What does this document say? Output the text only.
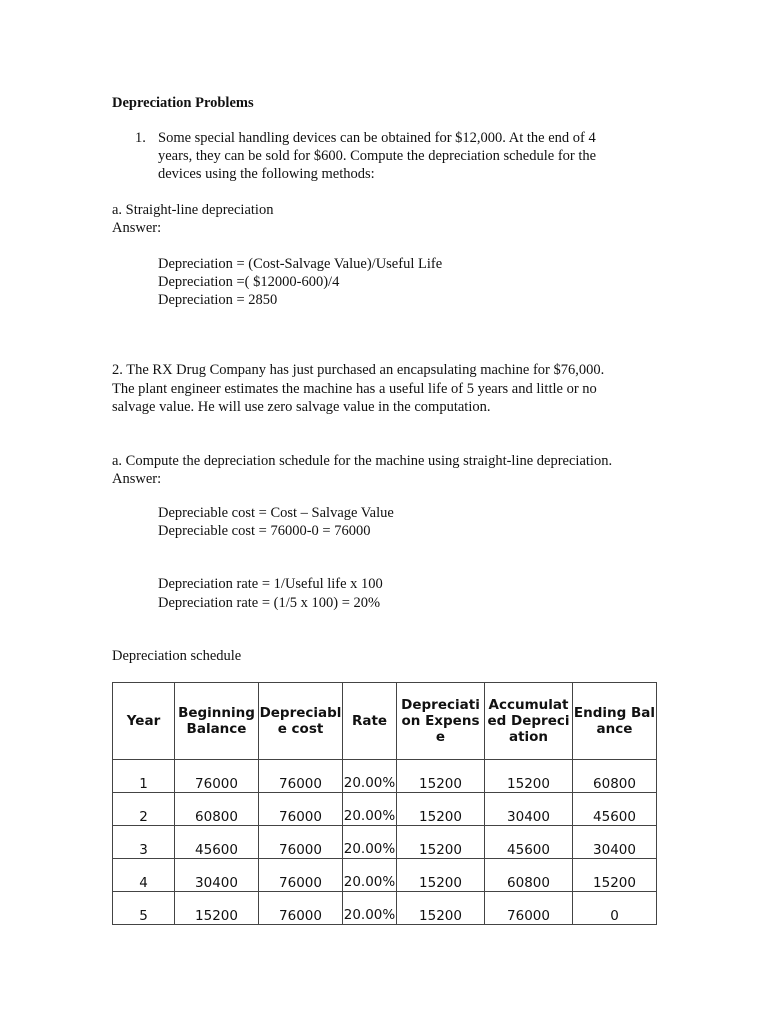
Depreciation Problems
1. Some special handling devices can be obtained for $12,000. At the end of 4
years, they can be sold for $600. Compute the depreciation schedule for the
devices using the following methods:
a. Straight-line depreciation
Answer:
Depreciation = (Cost-Salvage Value)/Useful Life
Depreciation =( $12000-600)/4
Depreciation = 2850
2. The RX Drug Company has just purchased an encapsulating machine for $76,000.
The plant engineer estimates the machine has a useful life of 5 years and little or no
salvage value. He will use zero salvage value in the computation.
a. Compute the depreciation schedule for the machine using straight-line depreciation.
Answer:
Depreciable cost = Cost – Salvage Value
Depreciable cost = 76000-0 = 76000
Depreciation rate = 1/Useful life x 100
Depreciation rate = (1/5 x 100) = 20%
Depreciation schedule
Year	Beginning Balance	Depreciable cost	Rate	Depreciation Expense	Accumulated Depreciation	Ending Balance
1	76000	76000	20.00%	15200	15200	60800
2	60800	76000	20.00%	15200	30400	45600
3	45600	76000	20.00%	15200	45600	30400
4	30400	76000	20.00%	15200	60800	15200
5	15200	76000	20.00%	15200	76000	0
